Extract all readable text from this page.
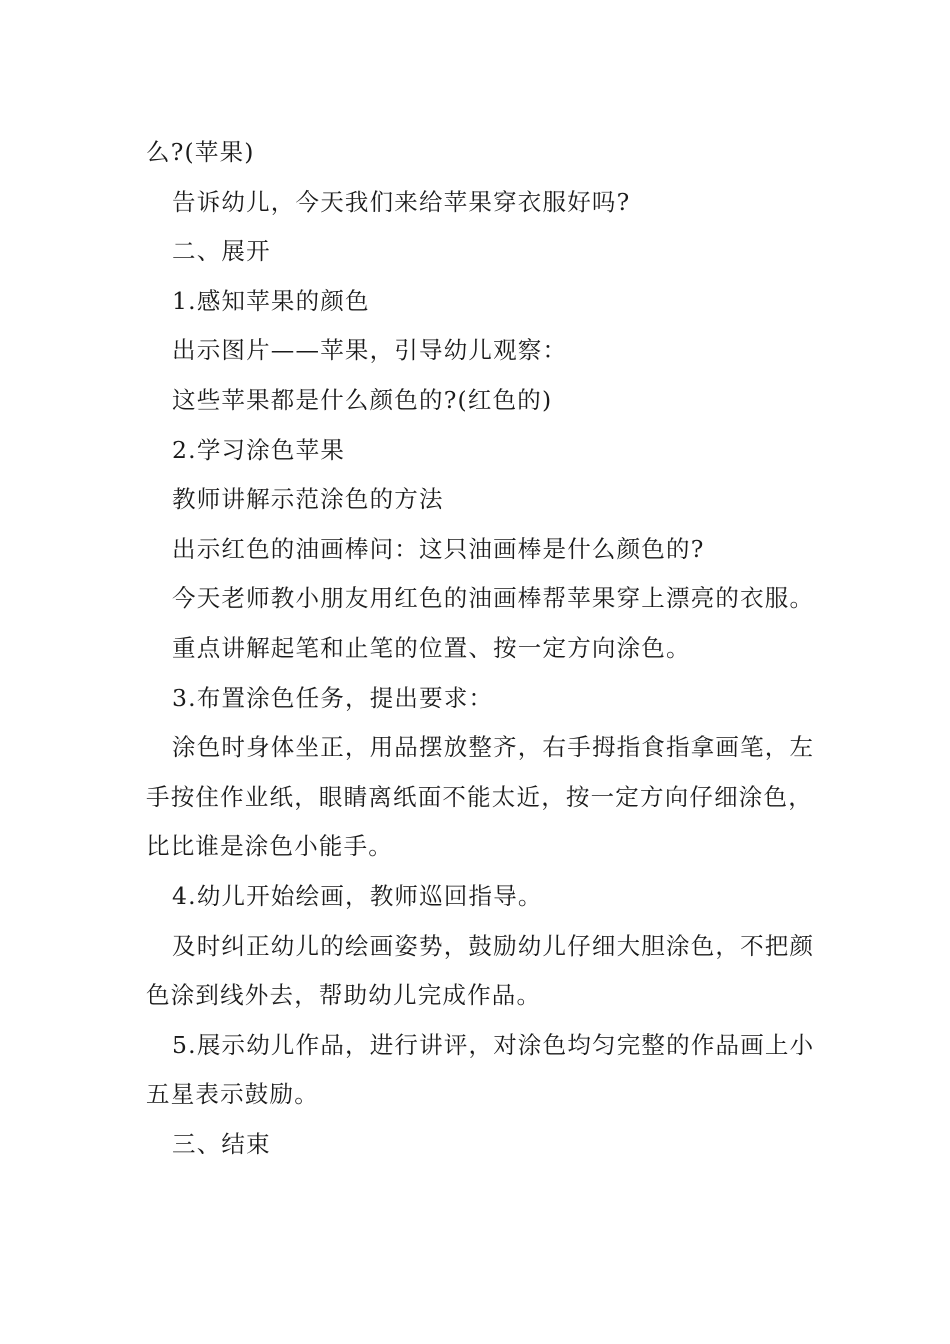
么?(苹果)

告诉幼儿，今天我们来给苹果穿衣服好吗?

二、展开

1.感知苹果的颜色

出示图片——苹果，引导幼儿观察：

这些苹果都是什么颜色的?(红色的)

2.学习涂色苹果

教师讲解示范涂色的方法

出示红色的油画棒问：这只油画棒是什么颜色的?

今天老师教小朋友用红色的油画棒帮苹果穿上漂亮的衣服。

重点讲解起笔和止笔的位置、按一定方向涂色。

3.布置涂色任务，提出要求：

涂色时身体坐正，用品摆放整齐，右手拇指食指拿画笔，左手按住作业纸，眼睛离纸面不能太近，按一定方向仔细涂色，比比谁是涂色小能手。

4.幼儿开始绘画，教师巡回指导。

及时纠正幼儿的绘画姿势，鼓励幼儿仔细大胆涂色，不把颜色涂到线外去，帮助幼儿完成作品。

5.展示幼儿作品，进行讲评，对涂色均匀完整的作品画上小五星表示鼓励。

三、结束
